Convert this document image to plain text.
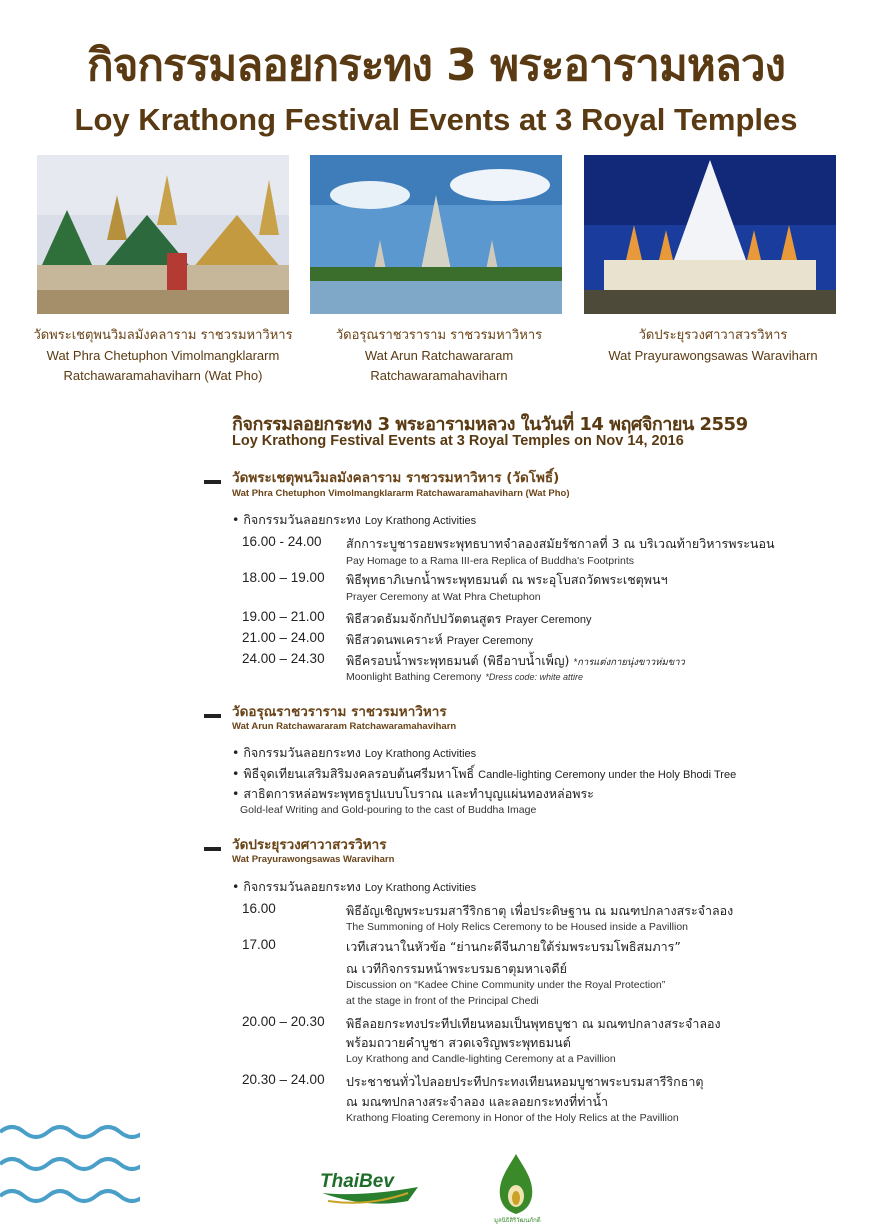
กิจกรรมลอยกระทง 3 พระอารามหลวง
Loy Krathong Festival Events at 3 Royal Temples
วัดพระเชตุพนวิมลมังคลาราม ราชวรมหาวิหาร
Wat Phra Chetuphon Vimolmangklararm
Ratchawaramahaviharn (Wat Pho)
วัดอรุณราชวราราม ราชวรมหาวิหาร
Wat Arun Ratchawararam
Ratchawaramahaviharn
วัดประยุรวงศาวาสวรวิหาร
Wat Prayurawongsawas Waraviharn
กิจกรรมลอยกระทง 3 พระอารามหลวง ในวันที่ 14 พฤศจิกายน 2559
Loy Krathong Festival Events at 3 Royal Temples on Nov 14, 2016
วัดพระเชตุพนวิมลมังคลาราม ราชวรมหาวิหาร (วัดโพธิ์)
Wat Phra Chetuphon Vimolmangklararm Ratchawaramahaviharn (Wat Pho)
• กิจกรรมวันลอยกระทง Loy Krathong Activities
16.00 - 24.00 สักการะบูชารอยพระพุทธบาทจำลองสมัยรัชกาลที่ 3 ณ บริเวณท้ายวิหารพระนอน
Pay Homage to a Rama III-era Replica of Buddha's Footprints
18.00 – 19.00 พิธีพุทธาภิเษกน้ำพระพุทธมนต์ ณ พระอุโบสถวัดพระเชตุพนฯ
Prayer Ceremony at Wat Phra Chetuphon
19.00 – 21.00 พิธีสวดธัมมจักกัปปวัตตนสูตร Prayer Ceremony
21.00 – 24.00 พิธีสวดนพเคราะห์ Prayer Ceremony
24.00 – 24.30 พิธีครอบน้ำพระพุทธมนต์ (พิธีอาบน้ำเพ็ญ) *การแต่งกายนุ่งขาวห่มขาว
Moonlight Bathing Ceremony *Dress code: white attire
วัดอรุณราชวราราม ราชวรมหาวิหาร
Wat Arun Ratchawararam Ratchawaramahaviharn
• กิจกรรมวันลอยกระทง Loy Krathong Activities
• พิธีจุดเทียนเสริมสิริมงคลรอบต้นศรีมหาโพธิ์ Candle-lighting Ceremony under the Holy Bhodi Tree
• สาธิตการหล่อพระพุทธรูปแบบโบราณ และทำบุญแผ่นทองหล่อพระ
Gold-leaf Writing and Gold-pouring to the cast of Buddha Image
วัดประยุรวงศาวาสวรวิหาร
Wat Prayurawongsawas Waraviharn
• กิจกรรมวันลอยกระทง Loy Krathong Activities
16.00	พิธีอัญเชิญพระบรมสารีริกธาตุ เพื่อประดิษฐาน ณ มณฑปกลางสระจำลอง
The Summoning of Holy Relics Ceremony to be Housed inside a Pavillion
17.00	เวทีเสวนาในหัวข้อ “ย่านกะดีจีนภายใต้ร่มพระบรมโพธิสมภาร”
ณ เวทีกิจกรรมหน้าพระบรมธาตุมหาเจดีย์
Discussion on “Kadee Chine Community under the Royal Protection”
at the stage in front of the Principal Chedi
20.00 – 20.30 พิธีลอยกระทงประทีปเทียนหอมเป็นพุทธบูชา ณ มณฑปกลางสระจำลอง
พร้อมถวายคำบูชา สวดเจริญพระพุทธมนต์
Loy Krathong and Candle-lighting Ceremony at a Pavillion
20.30 – 24.00 ประชาชนทั่วไปลอยประทีปกระทงเทียนหอมบูชาพระบรมสารีริกธาตุ
ณ มณฑปกลางสระจำลอง และลอยกระทงที่ท่าน้ำ
Krathong Floating Ceremony in Honor of the Holy Relics at the Pavillion
ThaiBev
มูลนิธิสิริวัฒนภักดี
